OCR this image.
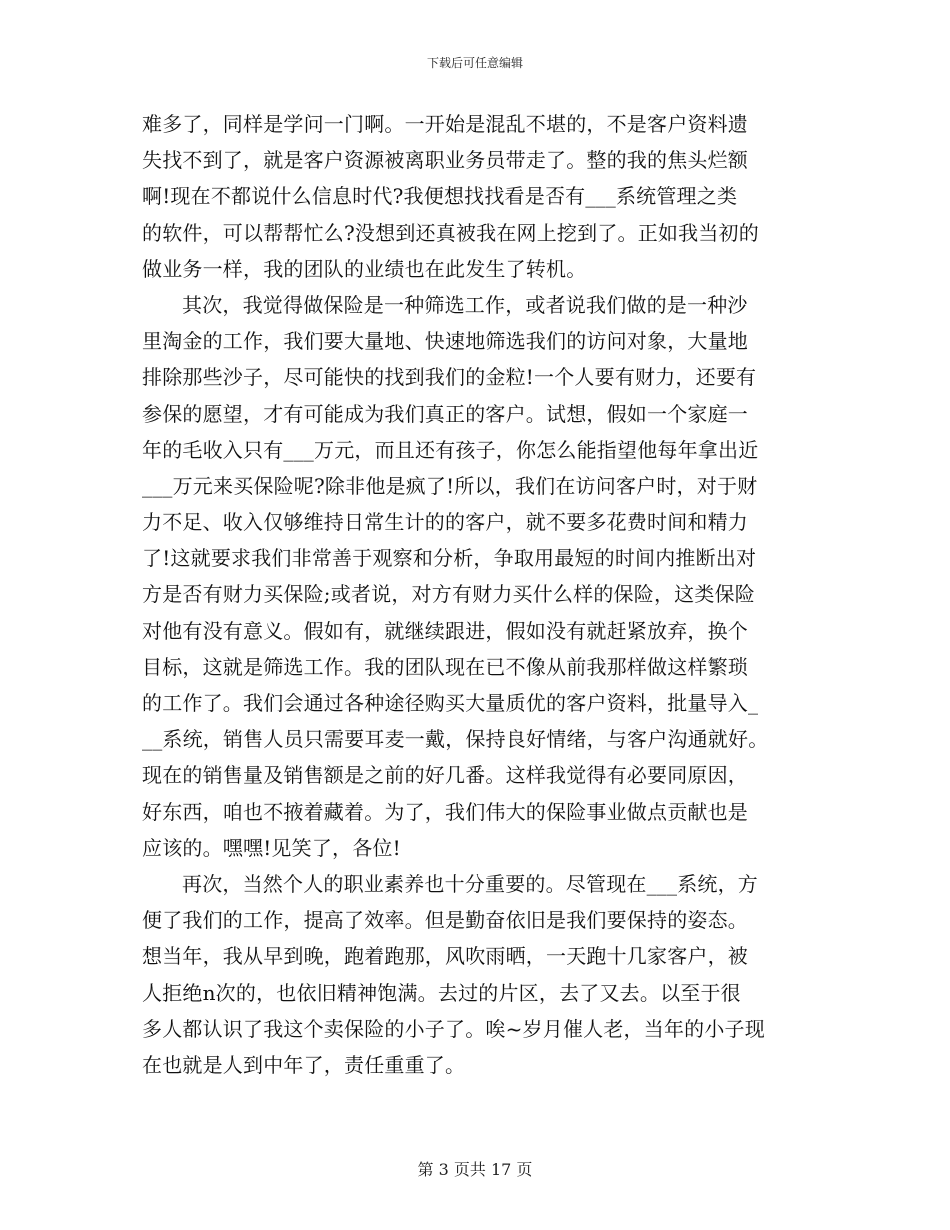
下载后可任意编辑
难多了，同样是学问一门啊。一开始是混乱不堪的，不是客户资料遗
失找不到了，就是客户资源被离职业务员带走了。整的我的焦头烂额
啊!现在不都说什么信息时代?我便想找找看是否有___系统管理之类
的软件，可以帮帮忙么?没想到还真被我在网上挖到了。正如我当初的
做业务一样，我的团队的业绩也在此发生了转机。
其次，我觉得做保险是一种筛选工作，或者说我们做的是一种沙
里淘金的工作，我们要大量地、快速地筛选我们的访问对象，大量地
排除那些沙子，尽可能快的找到我们的金粒!一个人要有财力，还要有
参保的愿望，才有可能成为我们真正的客户。试想，假如一个家庭一
年的毛收入只有___万元，而且还有孩子，你怎么能指望他每年拿出近
___万元来买保险呢?除非他是疯了!所以，我们在访问客户时，对于财
力不足、收入仅够维持日常生计的的客户，就不要多花费时间和精力
了!这就要求我们非常善于观察和分析，争取用最短的时间内推断出对
方是否有财力买保险;或者说，对方有财力买什么样的保险，这类保险
对他有没有意义。假如有，就继续跟进，假如没有就赶紧放弃，换个
目标，这就是筛选工作。我的团队现在已不像从前我那样做这样繁琐
的工作了。我们会通过各种途径购买大量质优的客户资料，批量导入_
__系统，销售人员只需要耳麦一戴，保持良好情绪，与客户沟通就好。
现在的销售量及销售额是之前的好几番。这样我觉得有必要同原因，
好东西，咱也不掖着藏着。为了，我们伟大的保险事业做点贡献也是
应该的。嘿嘿!见笑了，各位!
再次，当然个人的职业素养也十分重要的。尽管现在___系统，方
便了我们的工作，提高了效率。但是勤奋依旧是我们要保持的姿态。
想当年，我从早到晚，跑着跑那，风吹雨晒，一天跑十几家客户，被
人拒绝n次的，也依旧精神饱满。去过的片区，去了又去。以至于很
多人都认识了我这个卖保险的小子了。唉~岁月催人老，当年的小子现
在也就是人到中年了，责任重重了。
第 3 页共 17 页
